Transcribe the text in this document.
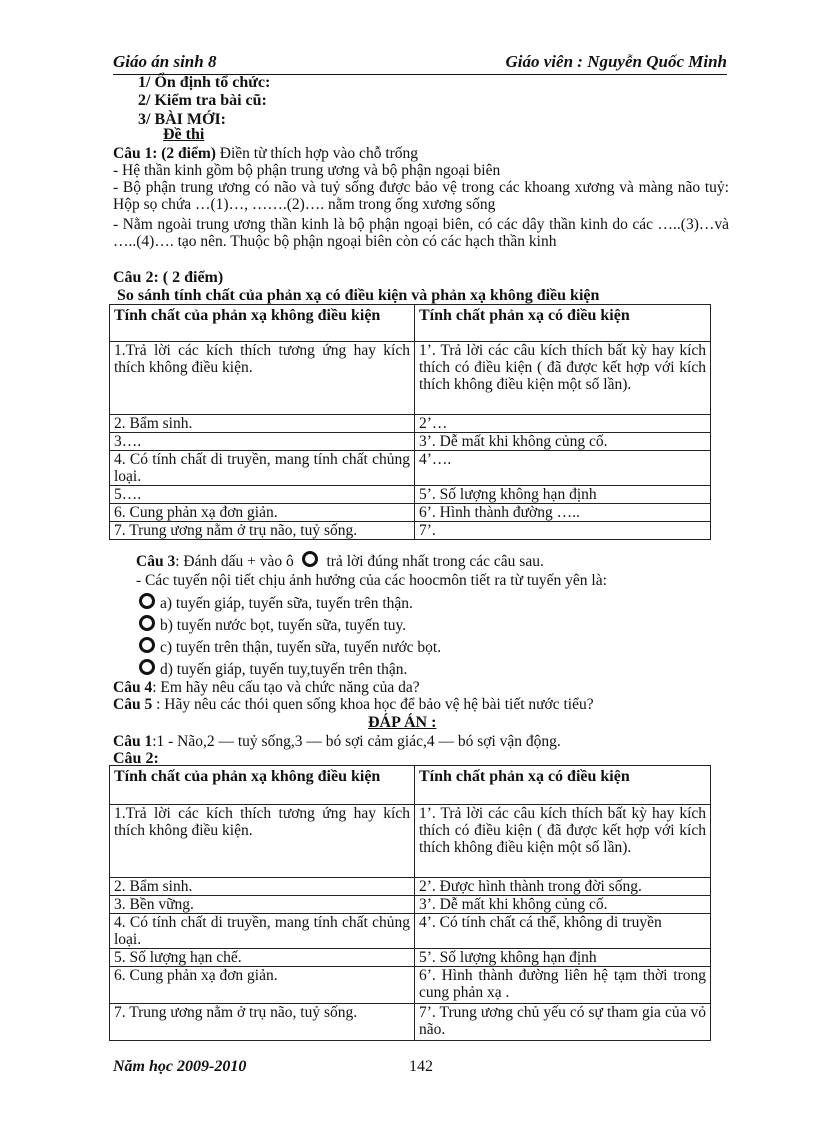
Giáo án sinh 8	Giáo viên : Nguyễn Quốc Minh
1/ Ổn định tổ chức:
2/ Kiểm tra bài cũ:
3/ BÀI MỚI:
Đề thi
Câu 1: (2 điểm) Điền từ thích hợp vào chỗ trống
- Hệ thần kinh gồm bộ phận trung ương và bộ phận ngoại biên
- Bộ phận trung ương có não và tuỷ sống được bảo vệ trong các khoang xương và màng não tuỷ: Hộp sọ chứa …(1)…, …….(2)…. nằm trong ống xương sống
- Nằm ngoài trung ương thần kinh là bộ phận ngoại biên, có các dây thần kinh do các …..(3)…và …..(4)…. tạo nên. Thuộc bộ phận ngoại biên còn có các hạch thần kinh
Câu 2: ( 2 điểm)
So sánh tính chất của phản xạ có điều kiện và phản xạ không điều kiện
Tính chất của phản xạ không điều kiện	Tính chất phản xạ có điều kiện
1.Trả lời các kích thích tương ứng hay kích thích không điều kiện.	1’. Trả lời các câu kích thích bất kỳ hay kích thích có điều kiện ( đã được kết hợp với kích thích không điều kiện một số lần).
2. Bẩm sinh.	2’…
3….	3’. Dễ mất khi không củng cố.
4. Có tính chất di truyền, mang tính chất chủng loại.	4’….
5….	5’. Số lượng không hạn định
6. Cung phản xạ đơn giản.	6’. Hình thành đường …..
7. Trung ương nằm ở trụ não, tuỷ sống.	7’.
Câu 3: Đánh dấu + vào ô  trả lời đúng nhất trong các câu sau.
- Các tuyến nội tiết chịu ảnh hưởng của các hoocmôn tiết ra từ tuyến yên là:
a) tuyến giáp, tuyến sữa, tuyến trên thận.
b) tuyến nước bọt, tuyến sữa, tuyến tuy.
c) tuyến trên thận, tuyến sữa, tuyến nước bọt.
d) tuyến giáp, tuyến tuy,tuyến trên thận.
Câu 4: Em hãy nêu cấu tạo và chức năng của da?
Câu 5 : Hãy nêu các thói quen sống khoa học để bảo vệ hệ bài tiết nước tiểu?
ĐÁP ÁN :
Câu 1:1 - Não,2 — tuỷ sống,3 — bó sợi cảm giác,4 — bó sợi vận động.
Câu 2:
Tính chất của phản xạ không điều kiện	Tính chất phản xạ có điều kiện
1.Trả lời các kích thích tương ứng hay kích thích không điều kiện.	1’. Trả lời các câu kích thích bất kỳ hay kích thích có điều kiện ( đã được kết hợp với kích thích không điều kiện một số lần).
2. Bẩm sinh.	2’. Được hình thành trong đời sống.
3. Bền vững.	3’. Dễ mất khi không củng cố.
4. Có tính chất di truyền, mang tính chất chủng loại.	4’. Có tính chất cá thể, không di truyền
5. Số lượng hạn chế.	5’. Số lượng không hạn định
6. Cung phản xạ đơn giản.	6’. Hình thành đường liên hệ tạm thời trong cung phản xạ .
7. Trung ương nằm ở trụ não, tuỷ sống.	7’. Trung ương chủ yếu có sự tham gia của vỏ não.
Năm học 2009-2010	142
